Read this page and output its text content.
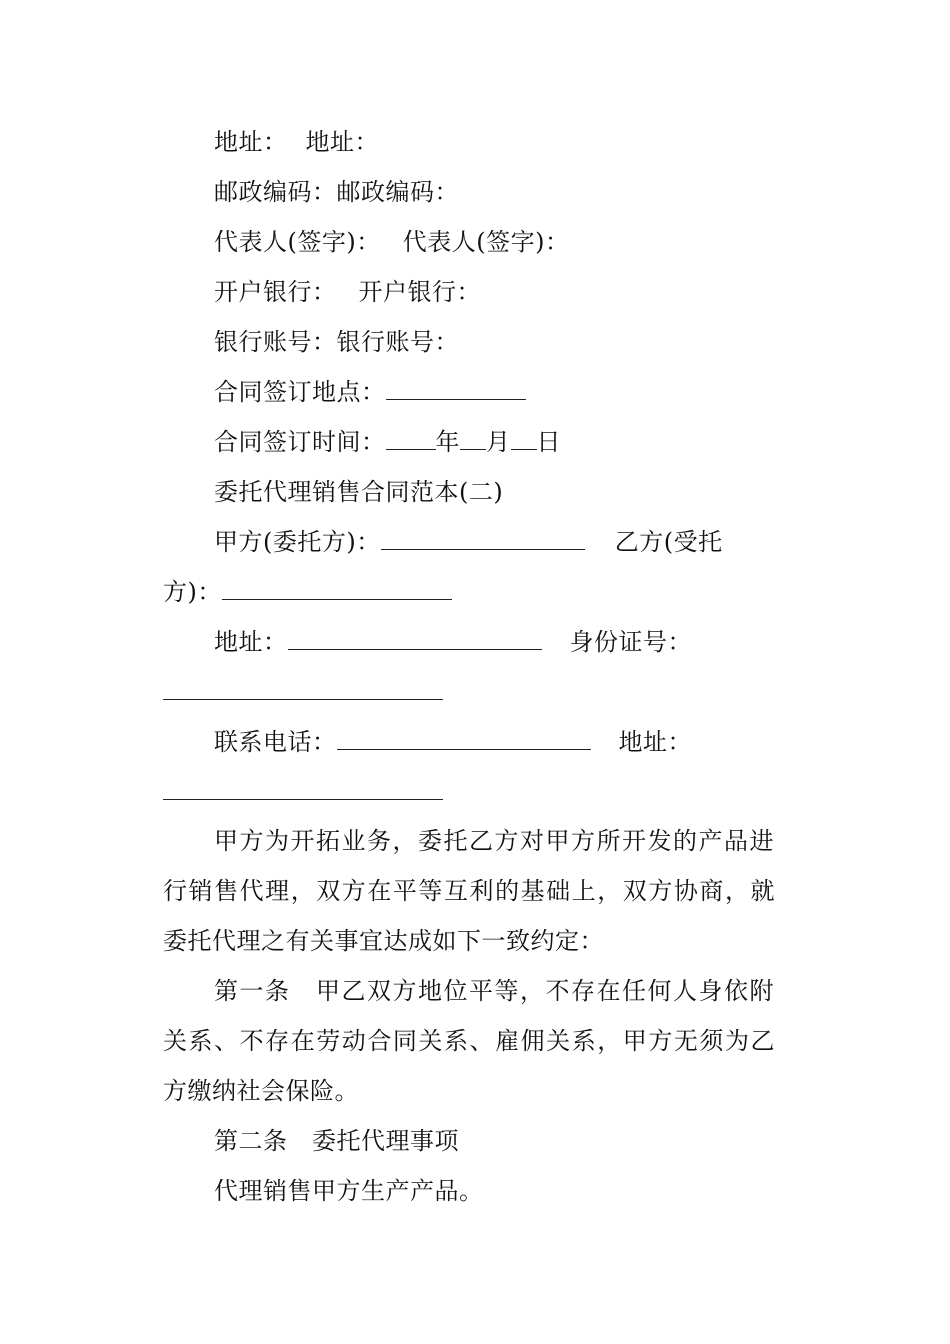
地址： 地址：
邮政编码：邮政编码：
代表人(签字)： 代表人(签字)：
开户银行： 开户银行：
银行账号：银行账号：
合同签订地点：
合同签订时间： 年 月 日
委托代理销售合同范本(二)
甲方(委托方)：	乙方(受托
方)：
地址：	身份证号：
联系电话：	地址：
甲方为开拓业务，委托乙方对甲方所开发的产品进
行销售代理，双方在平等互利的基础上，双方协商，就
委托代理之有关事宜达成如下一致约定：
第一条　甲乙双方地位平等，不存在任何人身依附
关系、不存在劳动合同关系、雇佣关系，甲方无须为乙
方缴纳社会保险。
第二条　委托代理事项
代理销售甲方生产产品。
